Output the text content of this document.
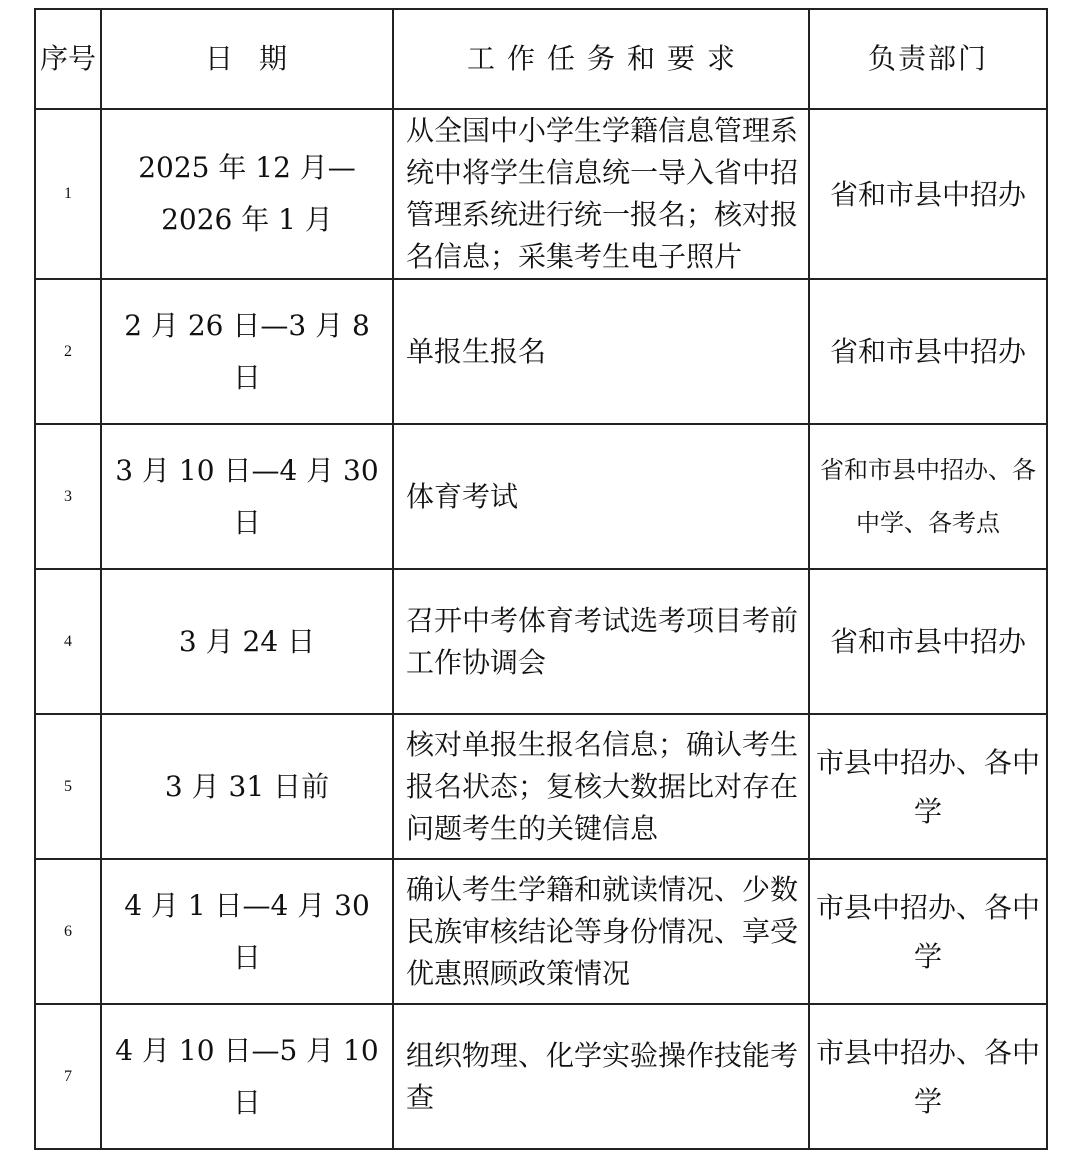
序号	日期	工作任务和要求	负责部门
1	2025 年 12 月—2026 年 1 月	从全国中小学生学籍信息管理系统中将学生信息统一导入省中招管理系统进行统一报名；核对报名信息；采集考生电子照片	省和市县中招办
2	2 月 26 日—3 月 8 日	单报生报名	省和市县中招办
3	3 月 10 日—4 月 30 日	体育考试	省和市县中招办、各中学、各考点
4	3 月 24 日	召开中考体育考试选考项目考前工作协调会	省和市县中招办
5	3 月 31 日前	核对单报生报名信息；确认考生报名状态；复核大数据比对存在问题考生的关键信息	市县中招办、各中学
6	4 月 1 日—4 月 30 日	确认考生学籍和就读情况、少数民族审核结论等身份情况、享受优惠照顾政策情况	市县中招办、各中学
7	4 月 10 日—5 月 10 日	组织物理、化学实验操作技能考查	市县中招办、各中学
